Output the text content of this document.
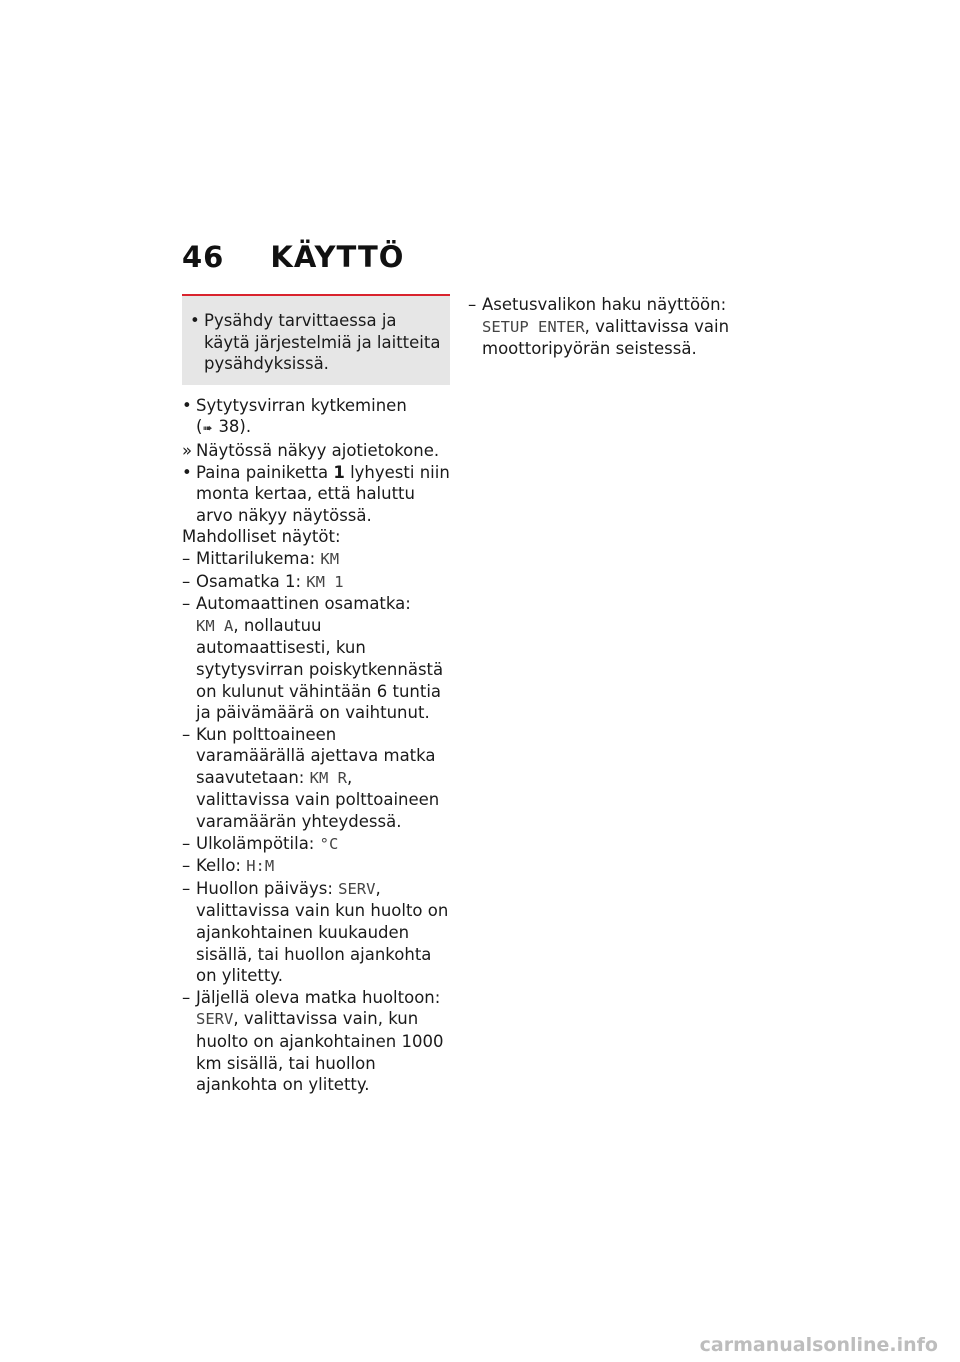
46 KÄYTTÖ

• Pysähdy tarvittaessa ja käytä järjestelmiä ja laitteita pysähdyksissä.

• Sytytysvirran kytkeminen
(➠ 38).

» Näytössä näkyy ajotietokone.

• Paina painiketta 1 lyhyesti niin monta kertaa, että haluttu arvo näkyy näytössä.

Mahdolliset näytöt:

– Mittarilukema: KM

– Osamatka 1: KM 1

– Automaattinen osamatka:
KM A, nollautuu automaattisesti, kun sytytysvirran poiskytkennästä on kulunut vähintään 6 tuntia ja päivämäärä on vaihtunut.

– Kun polttoaineen varamäärällä ajettava matka saavutetaan: KM R, valittavissa vain polttoaineen varamäärän yhteydessä.

– Ulkolämpötila: °C

– Kello: H:M

– Huollon päiväys: SERV, valittavissa vain kun huolto on ajankohtainen kuukauden sisällä, tai huollon ajankohta on ylitetty.

– Jäljellä oleva matka huoltoon: SERV, valittavissa vain, kun huolto on ajankohtainen 1000 km sisällä, tai huollon ajankohta on ylitetty.

– Asetusvalikon haku näyttöön: SETUP ENTER, valittavissa vain moottoripyörän seistessä.

carmanualsonline.info
